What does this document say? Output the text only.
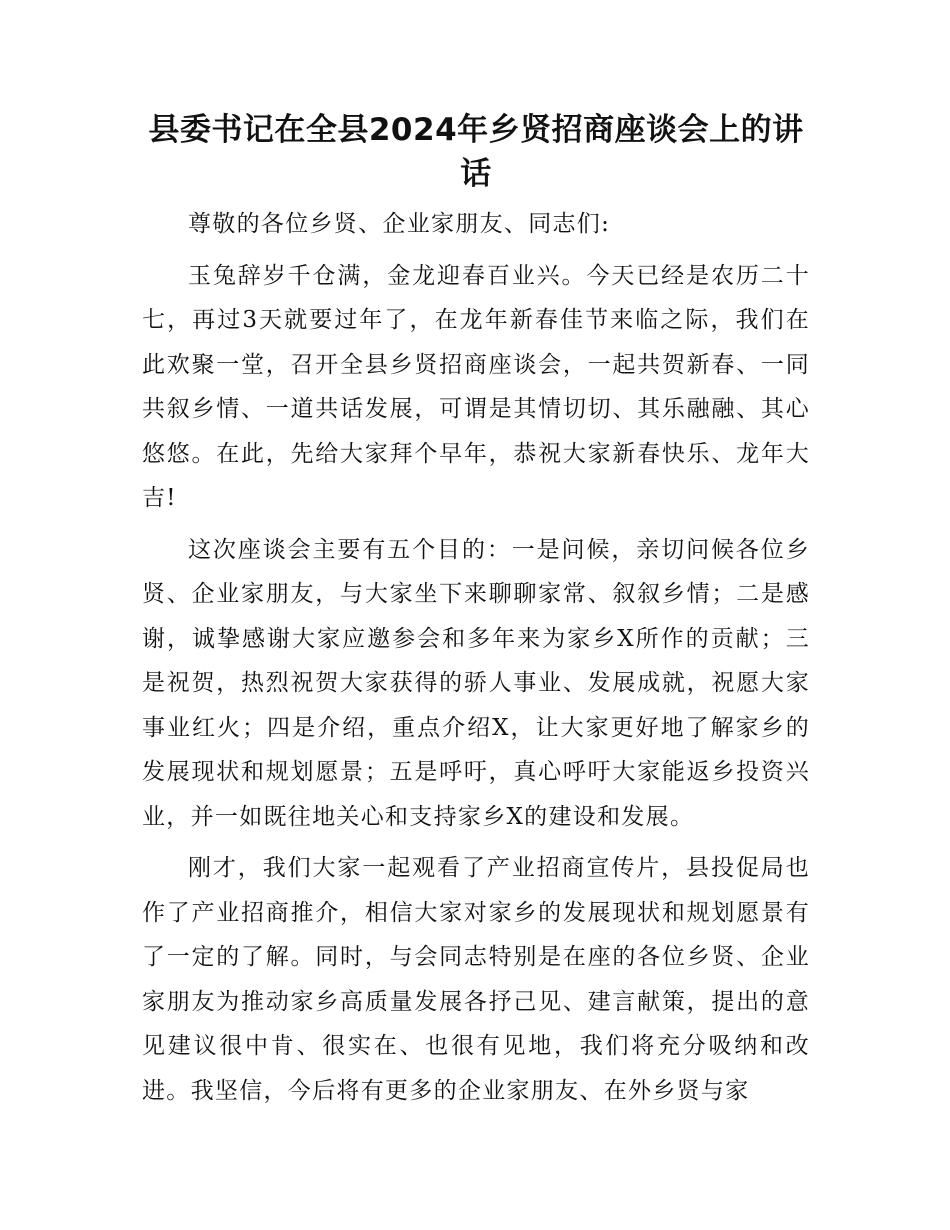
县委书记在全县2024年乡贤招商座谈会上的讲话

尊敬的各位乡贤、企业家朋友、同志们:

玉兔辞岁千仓满，金龙迎春百业兴。今天已经是农历二十七，再过3天就要过年了，在龙年新春佳节来临之际，我们在此欢聚一堂，召开全县乡贤招商座谈会，一起共贺新春、一同共叙乡情、一道共话发展，可谓是其情切切、其乐融融、其心悠悠。在此，先给大家拜个早年，恭祝大家新春快乐、龙年大吉!

这次座谈会主要有五个目的：一是问候，亲切问候各位乡贤、企业家朋友，与大家坐下来聊聊家常、叙叙乡情；二是感谢，诚挚感谢大家应邀参会和多年来为家乡X所作的贡献；三是祝贺，热烈祝贺大家获得的骄人事业、发展成就，祝愿大家事业红火；四是介绍，重点介绍X，让大家更好地了解家乡的发展现状和规划愿景；五是呼吁，真心呼吁大家能返乡投资兴业，并一如既往地关心和支持家乡X的建设和发展。

刚才，我们大家一起观看了产业招商宣传片，县投促局也作了产业招商推介，相信大家对家乡的发展现状和规划愿景有了一定的了解。同时，与会同志特别是在座的各位乡贤、企业家朋友为推动家乡高质量发展各抒己见、建言献策，提出的意见建议很中肯、很实在、也很有见地，我们将充分吸纳和改进。我坚信，今后将有更多的企业家朋友、在外乡贤与家
